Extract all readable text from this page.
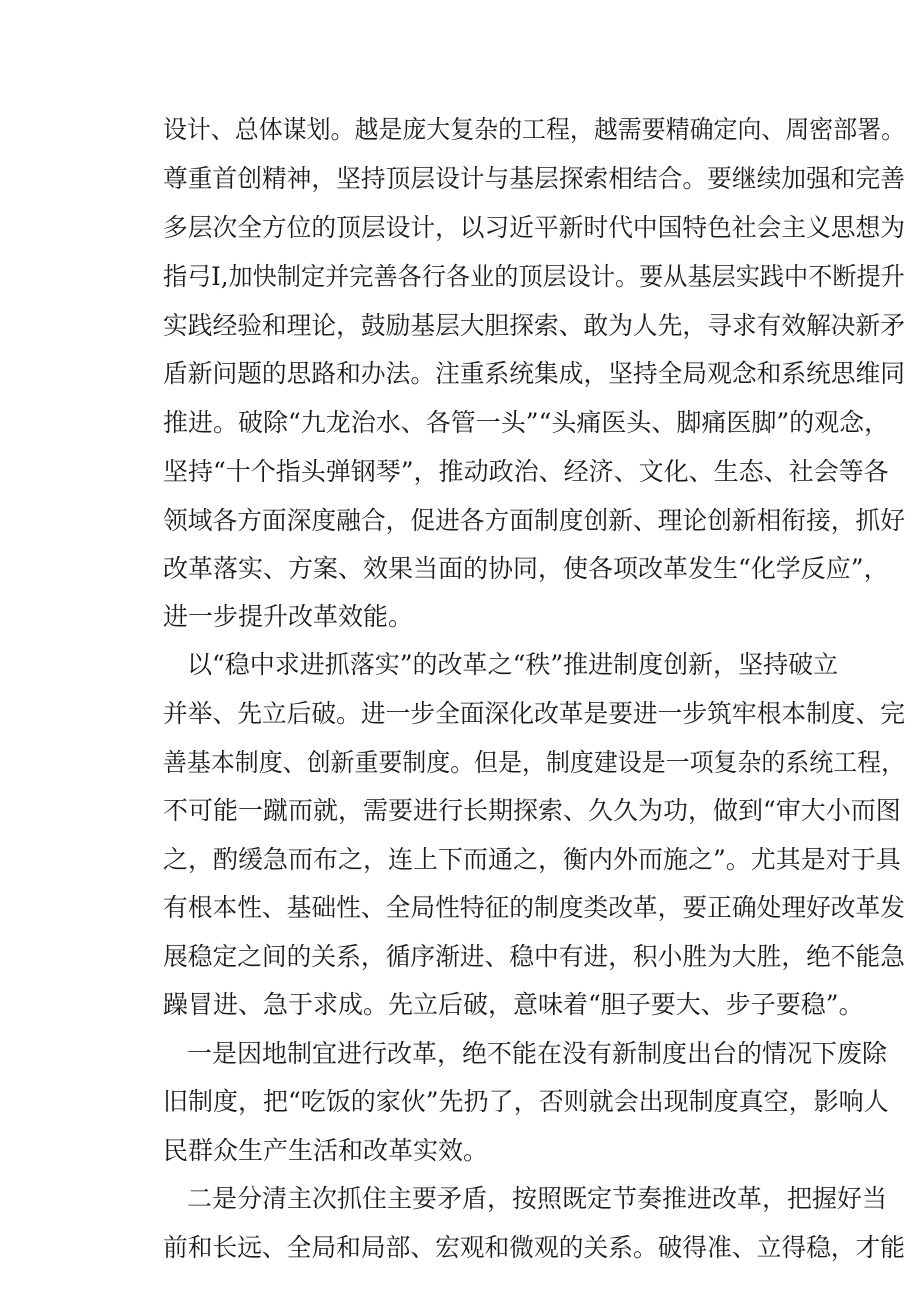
设计、总体谋划。越是庞大复杂的工程，越需要精确定向、周密部署。
尊重首创精神，坚持顶层设计与基层探索相结合。要继续加强和完善
多层次全方位的顶层设计，以习近平新时代中国特色社会主义思想为
指弓I,加快制定并完善各行各业的顶层设计。要从基层实践中不断提升
实践经验和理论，鼓励基层大胆探索、敢为人先，寻求有效解决新矛
盾新问题的思路和办法。注重系统集成，坚持全局观念和系统思维同
推进。破除“九龙治水、各管一头”“头痛医头、脚痛医脚”的观念，
坚持“十个指头弹钢琴”，推动政治、经济、文化、生态、社会等各
领域各方面深度融合，促进各方面制度创新、理论创新相衔接，抓好
改革落实、方案、效果当面的协同，使各项改革发生“化学反应”，
进一步提升改革效能。
以“稳中求进抓落实”的改革之“秩”推进制度创新，坚持破立
并举、先立后破。进一步全面深化改革是要进一步筑牢根本制度、完
善基本制度、创新重要制度。但是，制度建设是一项复杂的系统工程，
不可能一蹴而就，需要进行长期探索、久久为功，做到“审大小而图
之，酌缓急而布之，连上下而通之，衡内外而施之”。尤其是对于具
有根本性、基础性、全局性特征的制度类改革，要正确处理好改革发
展稳定之间的关系，循序渐进、稳中有进，积小胜为大胜，绝不能急
躁冒进、急于求成。先立后破，意味着“胆子要大、步子要稳”。
一是因地制宜进行改革，绝不能在没有新制度出台的情况下废除
旧制度，把“吃饭的家伙”先扔了，否则就会出现制度真空，影响人
民群众生产生活和改革实效。
二是分清主次抓住主要矛盾，按照既定节奏推进改革，把握好当
前和长远、全局和局部、宏观和微观的关系。破得准、立得稳，才能
